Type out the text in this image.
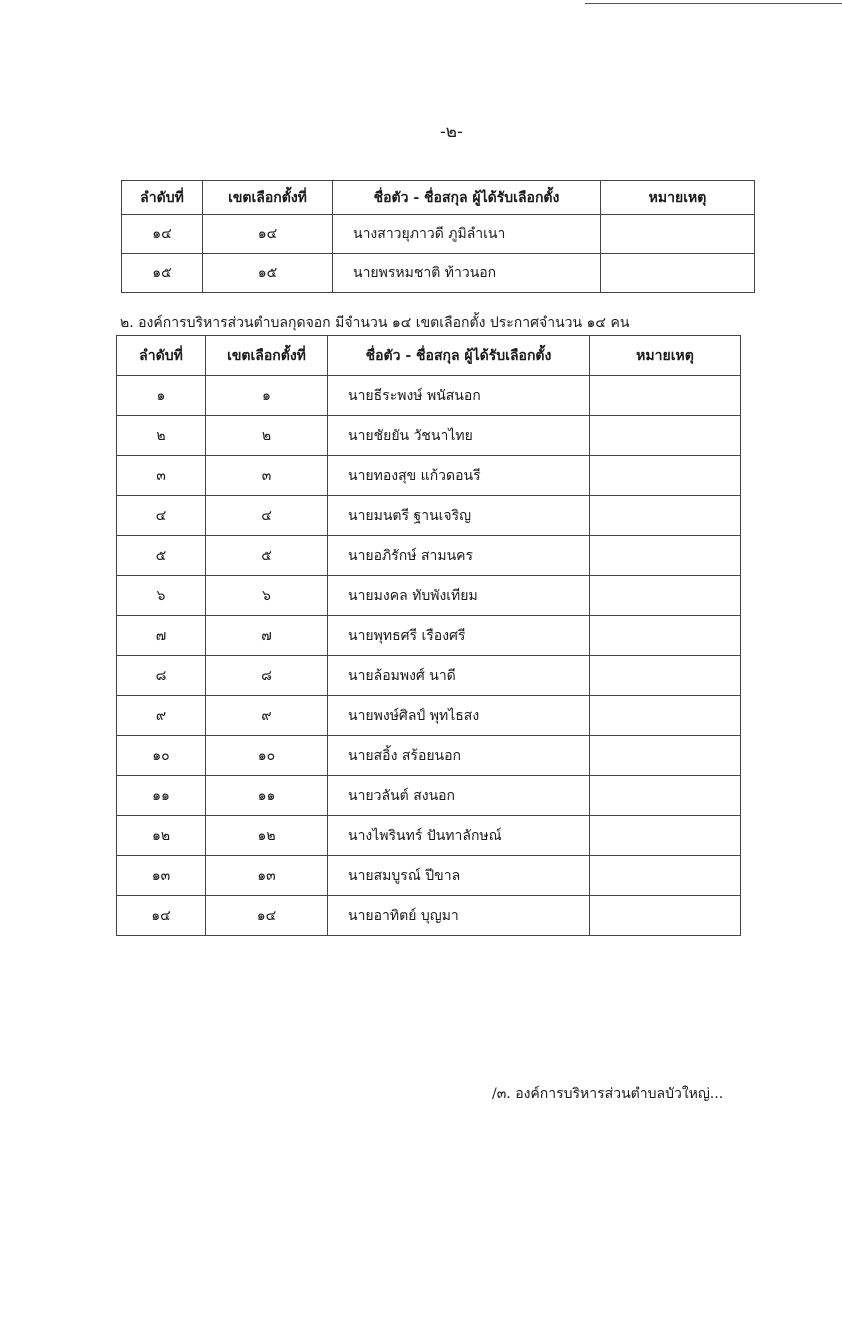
-๒-
ลำดับที่	เขตเลือกตั้งที่	ชื่อตัว - ชื่อสกุล ผู้ได้รับเลือกตั้ง	หมายเหตุ
๑๔	๑๔	นางสาวยุภาวดี ภูมิลำเนา	
๑๕	๑๕	นายพรหมชาติ ท้าวนอก	
๒. องค์การบริหารส่วนตำบลกุดจอก มีจำนวน ๑๔ เขตเลือกตั้ง ประกาศจำนวน ๑๔ คน
ลำดับที่	เขตเลือกตั้งที่	ชื่อตัว - ชื่อสกุล ผู้ได้รับเลือกตั้ง	หมายเหตุ
๑	๑	นายธีระพงษ์ พนัสนอก	
๒	๒	นายชัยยัน วัชนาไทย	
๓	๓	นายทองสุข แก้วดอนรี	
๔	๔	นายมนตรี ฐานเจริญ	
๕	๕	นายอภิรักษ์ สามนคร	
๖	๖	นายมงคล ทับพังเทียม	
๗	๗	นายพุทธศรี เรืองศรี	
๘	๘	นายล้อมพงศ์ นาดี	
๙	๙	นายพงษ์ศิลป์ พุทไธสง	
๑๐	๑๐	นายสอิ้ง สร้อยนอก	
๑๑	๑๑	นายวลันต์ สงนอก	
๑๒	๑๒	นางไพรินทร์ ปันทาลักษณ์	
๑๓	๑๓	นายสมบูรณ์ ปีขาล	
๑๔	๑๔	นายอาทิตย์ บุญมา	
/๓. องค์การบริหารส่วนตำบลบัวใหญ่...
